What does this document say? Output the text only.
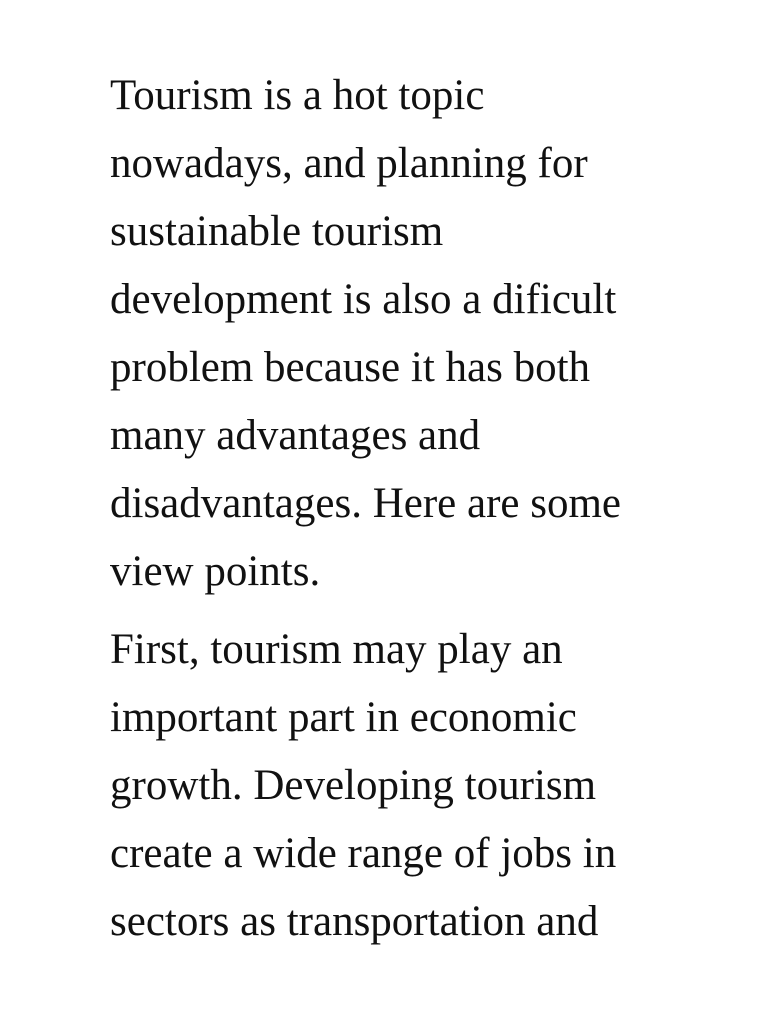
Tourism is a hot topic
nowadays, and planning for
sustainable tourism
development is also a dificult
problem because it has both
many advantages and
disadvantages. Here are some
view points.

First, tourism may play an
important part in economic
growth. Developing tourism
create a wide range of jobs in
sectors as transportation and
